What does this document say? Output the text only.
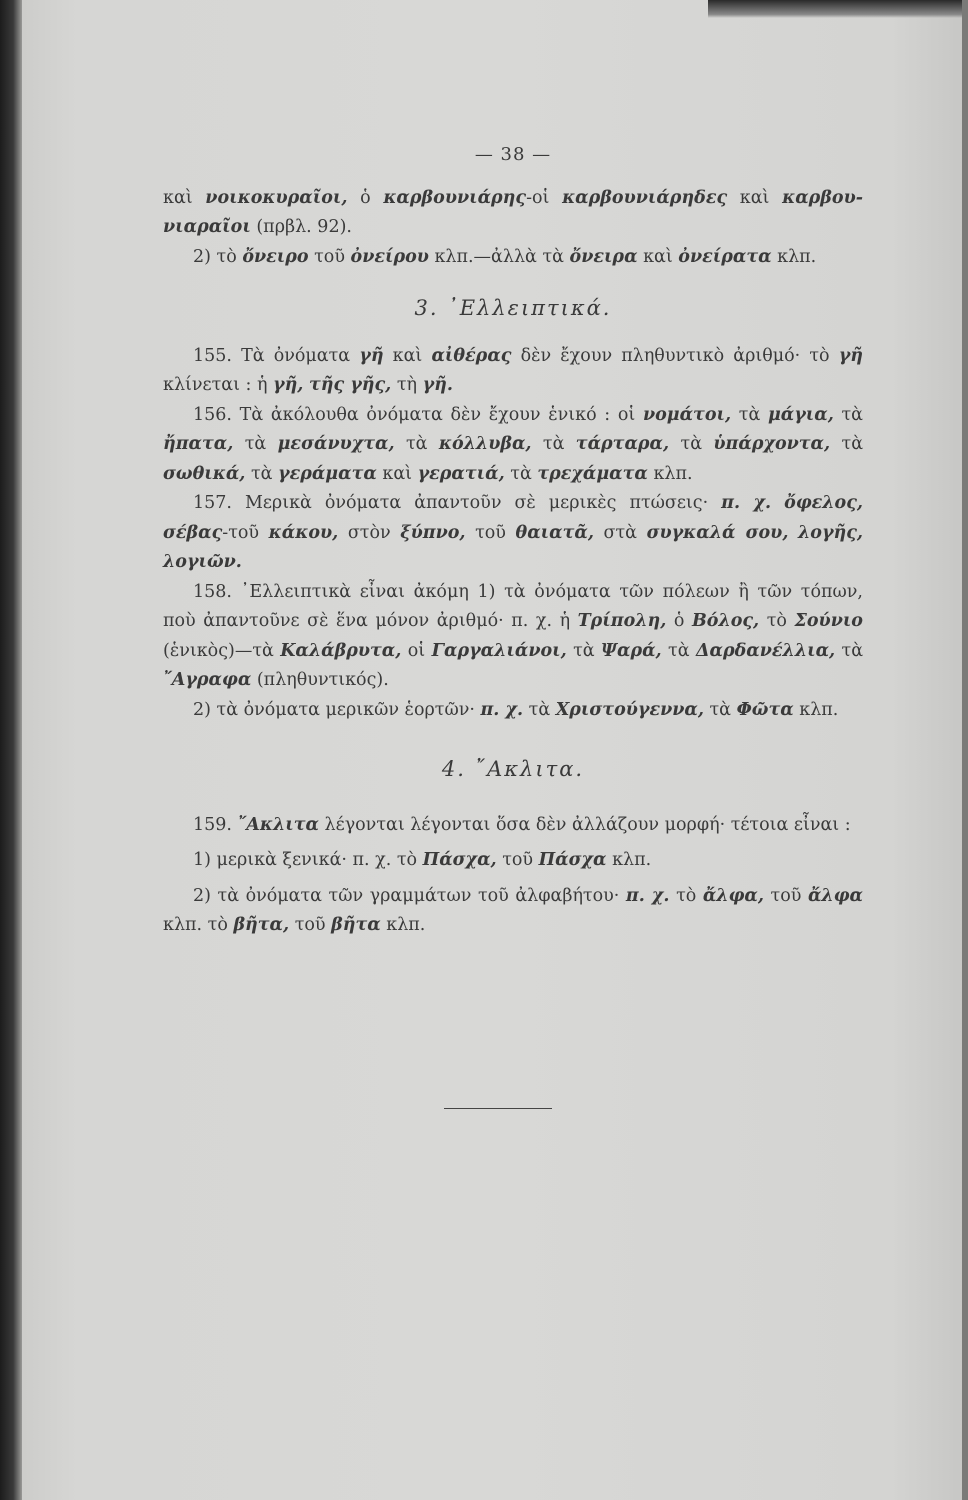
— 38 —

καὶ νοικοκυραῖοι, ὁ καρβουνιάρης-οἱ καρβουνιάρηδες καὶ καρβου-νιαραῖοι (πρβλ. 92).

2) τὸ ὄνειρο τοῦ ὀνείρου κλπ.—ἀλλὰ τὰ ὄνειρα καὶ ὀνείρατα κλπ.

3. ᾿Ελλειπτικά.

155. Τὰ ὀνόματα γῆ καὶ αἰθέρας δὲν ἔχουν πληθυντικὸ ἀριθμό· τὸ γῆ κλίνεται : ἡ γῆ, τῆς γῆς, τὴ γῆ.

156. Τὰ ἀκόλουθα ὀνόματα δὲν ἔχουν ἑνικό : οἱ νομάτοι, τὰ μάγια, τὰ ἤπατα, τὰ μεσάνυχτα, τὰ κόλλυβα, τὰ τάρταρα, τὰ ὑπάρχοντα, τὰ σωθικά, τὰ γεράματα καὶ γερατιά, τὰ τρεχάματα κλπ.

157. Μερικὰ ὀνόματα ἀπαντοῦν σὲ μερικὲς πτώσεις· π. χ. ὄφελος, σέβας-τοῦ κάκου, στὸν ξύπνο, τοῦ θαιατᾶ, στὰ συγκαλά σου, λογῆς, λογιῶν.

158. ᾿Ελλειπτικὰ εἶναι ἀκόμη 1) τὰ ὀνόματα τῶν πόλεων ἢ τῶν τόπων, ποὺ ἀπαντοῦνε σὲ ἕνα μόνον ἀριθμό· π. χ. ἡ Τρίπολη, ὁ Βόλος, τὸ Σούνιο (ἑνικὸς)—τὰ Καλάβρυτα, οἱ Γαργαλιάνοι, τὰ Ψαρά, τὰ Δαρδανέλλια, τὰ ῎Αγραφα (πληθυντικός).

2) τὰ ὀνόματα μερικῶν ἑορτῶν· π. χ. τὰ Χριστούγεννα, τὰ Φῶτα κλπ.

4. ῎Ακλιτα.

159. ῎Ακλιτα λέγονται λέγονται ὅσα δὲν ἀλλάζουν μορφή· τέτοια εἶναι :

1) μερικὰ ξενικά· π. χ. τὸ Πάσχα, τοῦ Πάσχα κλπ.

2) τὰ ὀνόματα τῶν γραμμάτων τοῦ ἀλφαβήτου· π. χ. τὸ ἄλφα, τοῦ ἄλφα κλπ. τὸ βῆτα, τοῦ βῆτα κλπ.
